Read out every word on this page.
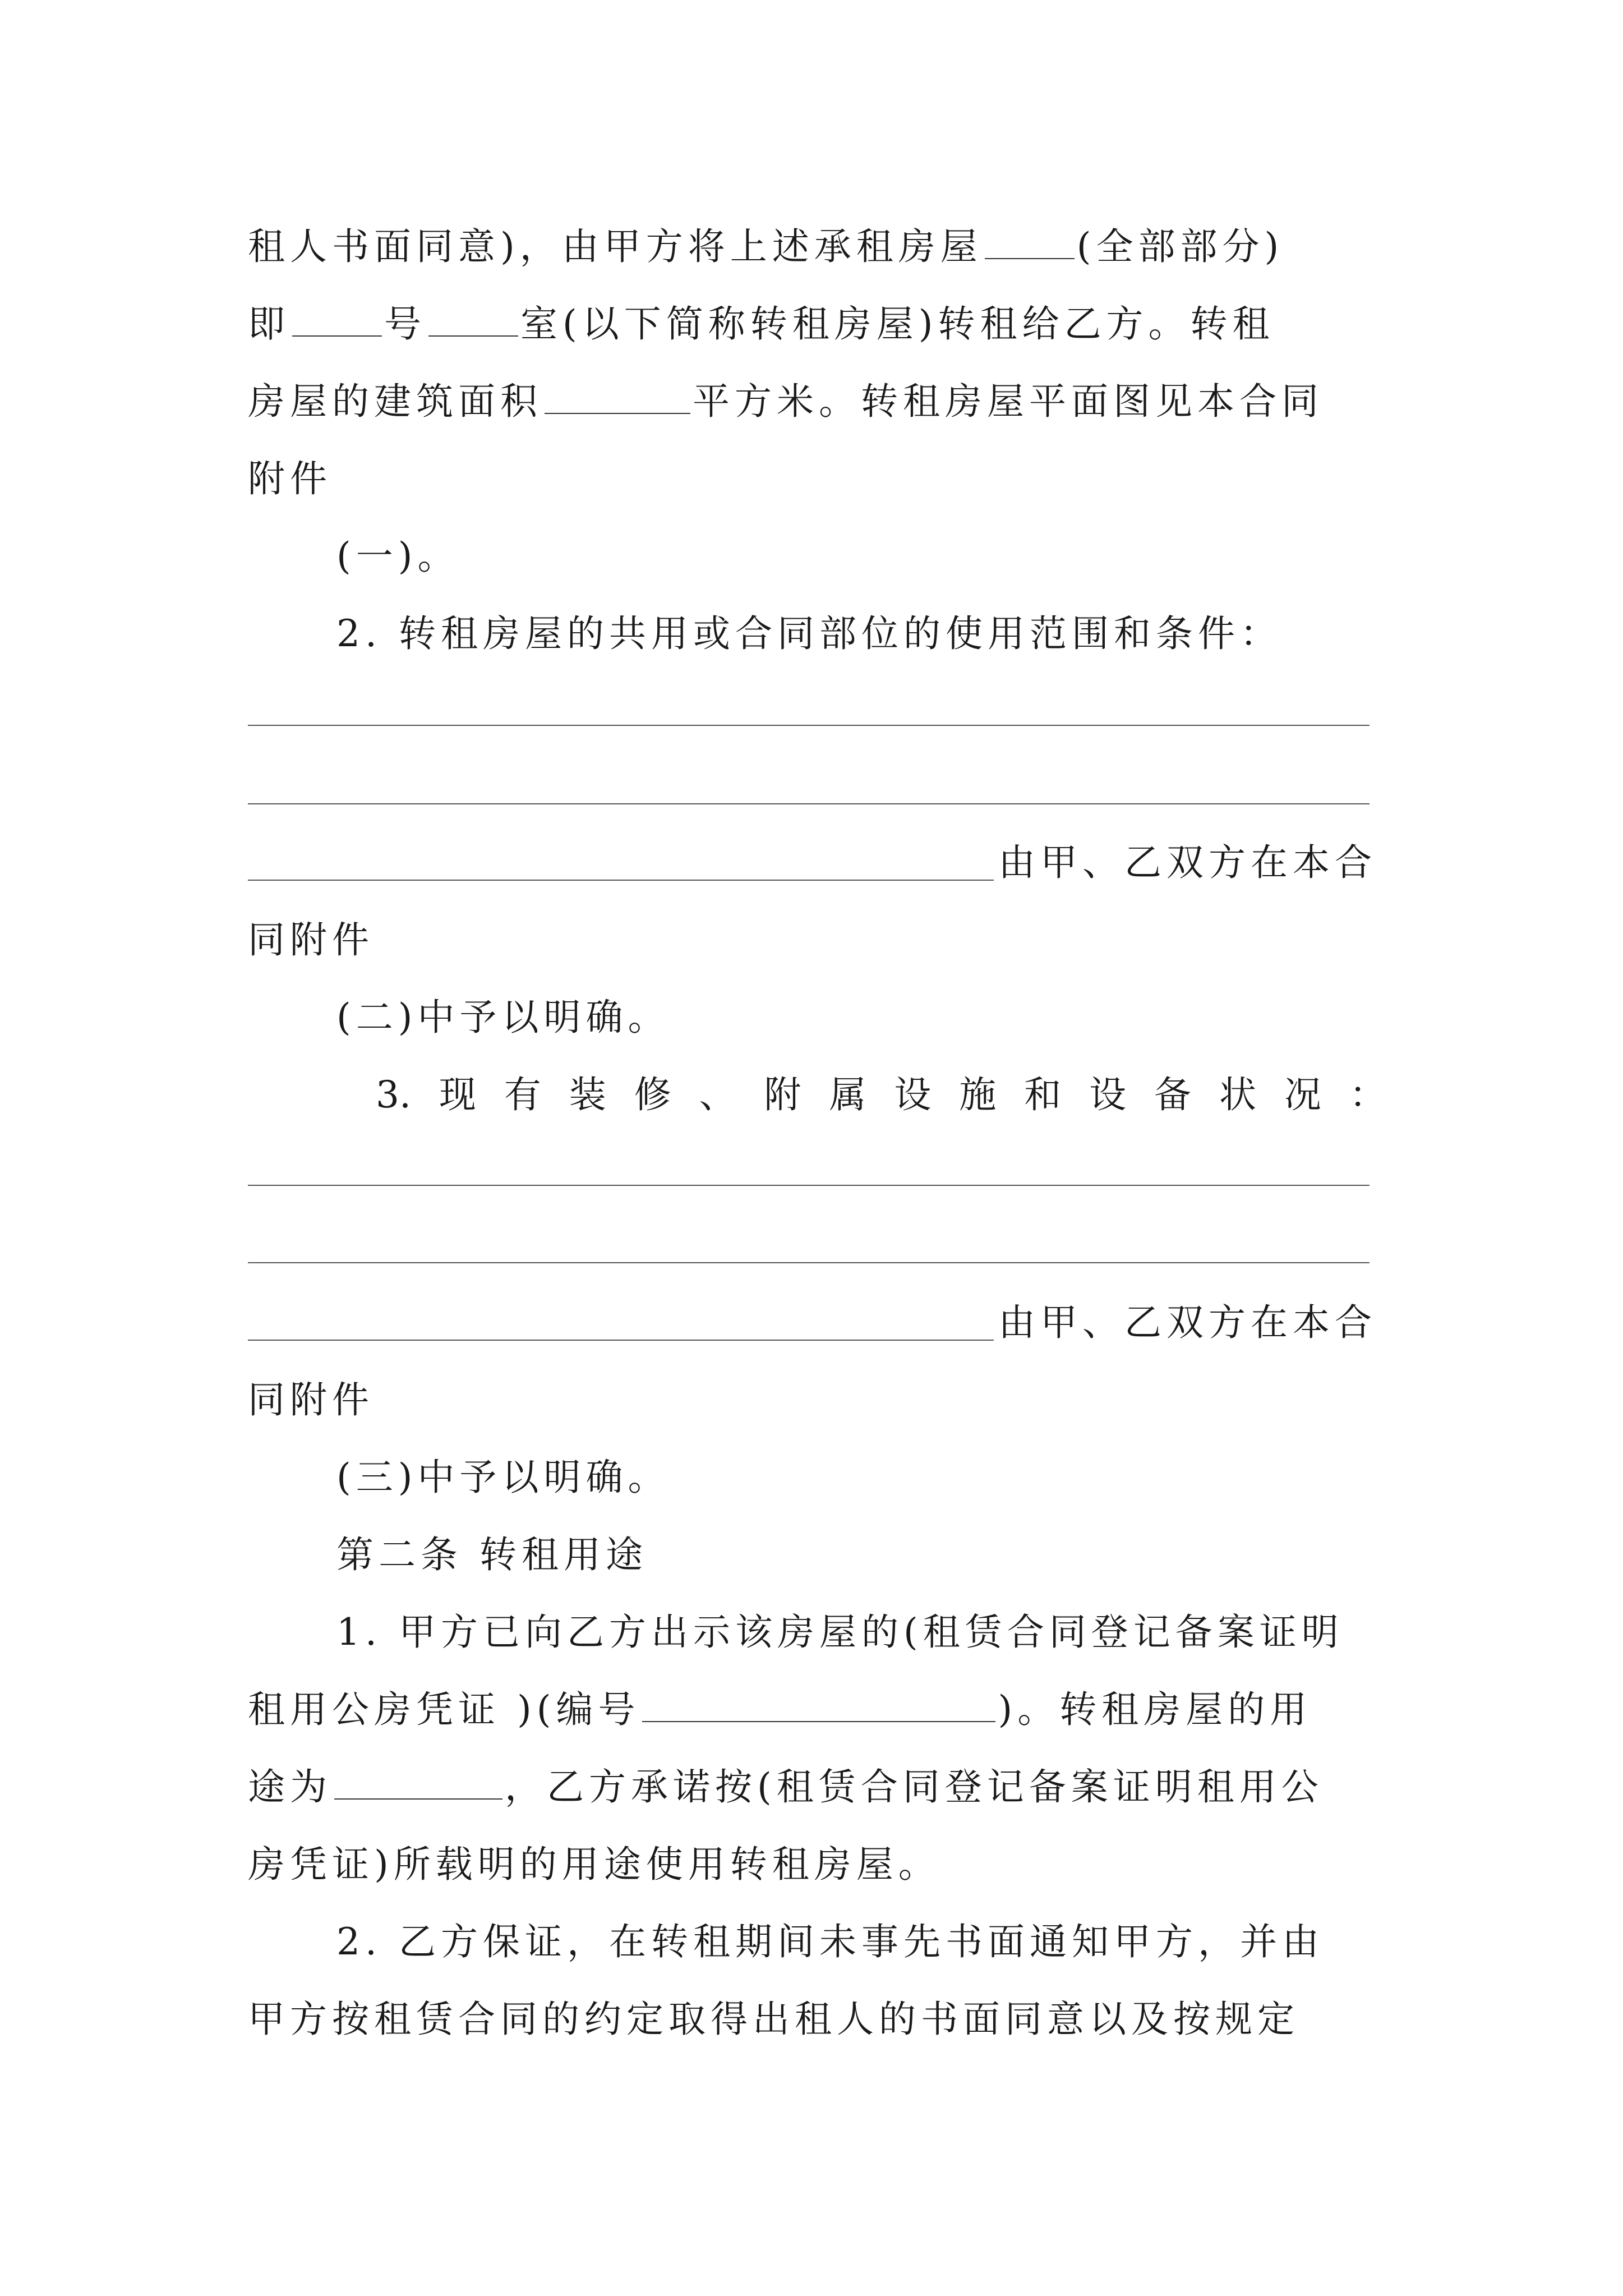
租人书面同意)，由甲方将上述承租房屋	(全部部分)
即	号	室(以下简称转租房屋)转租给乙方。转租
房屋的建筑面积	平方米。转租房屋平面图见本合同
附件
(一)。
2. 转租房屋的共用或合同部位的使用范围和条件：
由甲、乙双方在本合
同附件
(二)中予以明确。
3. 现 有 装 修 、 附 属 设 施 和 设 备 状 况 ：
由甲、乙双方在本合
同附件
(三)中予以明确。
第二条 转租用途
1. 甲方已向乙方出示该房屋的(租赁合同登记备案证明
租用公房凭证 )(编号	)。转租房屋的用
途为	，乙方承诺按(租赁合同登记备案证明租用公
房凭证)所载明的用途使用转租房屋。
2. 乙方保证，在转租期间未事先书面通知甲方，并由
甲方按租赁合同的约定取得出租人的书面同意以及按规定
